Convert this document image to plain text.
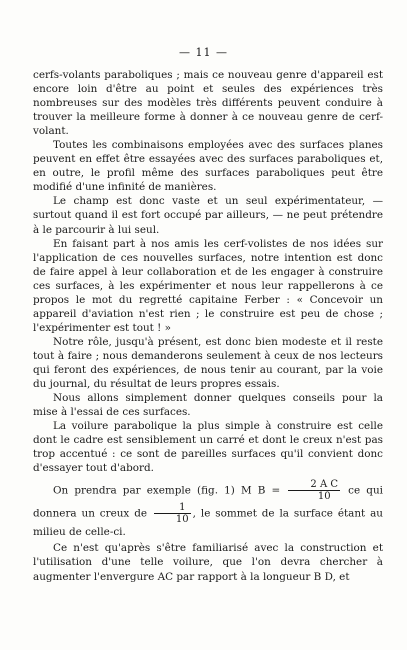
— 11 —

cerfs-volants paraboliques ; mais ce nouveau genre d'appareil est encore loin d'être au point et seules des expériences très nombreuses sur des modèles très différents peuvent conduire à trouver la meilleure forme à donner à ce nouveau genre de cerf-volant.

Toutes les combinaisons employées avec des surfaces planes peuvent en effet être essayées avec des surfaces paraboliques et, en outre, le profil même des surfaces paraboliques peut être modifié d'une infinité de manières.

Le champ est donc vaste et un seul expérimentateur, — surtout quand il est fort occupé par ailleurs, — ne peut prétendre à le parcourir à lui seul.

En faisant part à nos amis les cerf-volistes de nos idées sur l'application de ces nouvelles surfaces, notre intention est donc de faire appel à leur collaboration et de les engager à construire ces surfaces, à les expérimenter et nous leur rappellerons à ce propos le mot du regretté capitaine Ferber : « Concevoir un appareil d'aviation n'est rien ; le construire est peu de chose ; l'expérimenter est tout ! »

Notre rôle, jusqu'à présent, est donc bien modeste et il reste tout à faire ; nous demanderons seulement à ceux de nos lecteurs qui feront des expériences, de nous tenir au courant, par la voie du journal, du résultat de leurs propres essais.

Nous allons simplement donner quelques conseils pour la mise à l'essai de ces surfaces.

La voilure parabolique la plus simple à construire est celle dont le cadre est sensiblement un carré et dont le creux n'est pas trop accentué : ce sont de pareilles surfaces qu'il convient donc d'essayer tout d'abord.

On prendra par exemple (fig. 1) M $B = \frac{\text{2 A C}}{10}$ ce qui donnera un creux de $\frac{1}{10}$ , le sommet de la surface étant au milieu de celle-ci.

Ce n'est qu'après s'être familiarisé avec la construction et l'utilisation d'une telle voilure, que l'on devra chercher à augmenter l'envergure AC par rapport à la longueur B D, et
